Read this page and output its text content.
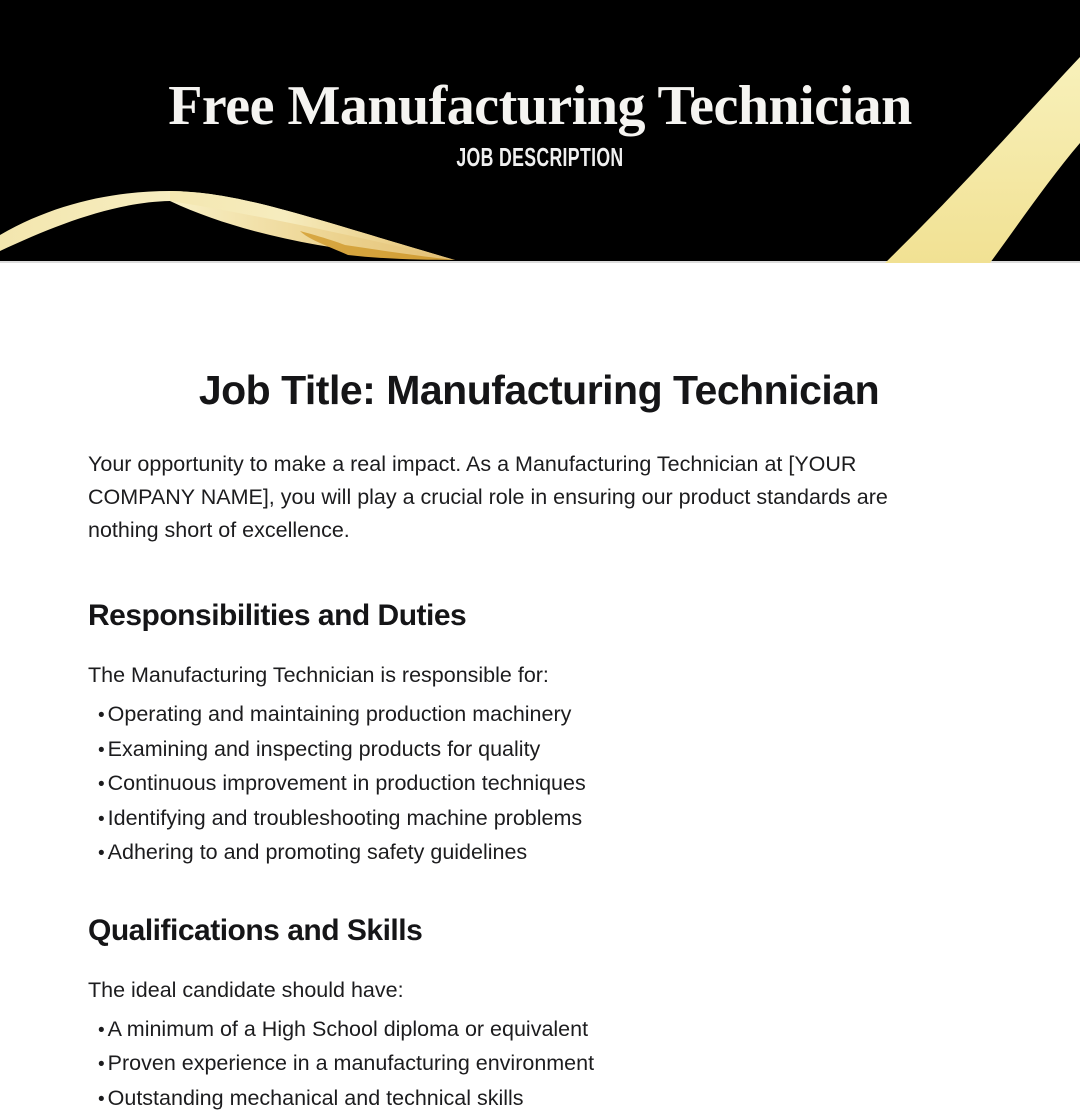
Free Manufacturing Technician
JOB DESCRIPTION
Job Title: Manufacturing Technician

Your opportunity to make a real impact. As a Manufacturing Technician at [YOUR COMPANY NAME], you will play a crucial role in ensuring our product standards are nothing short of excellence.

Responsibilities and Duties

The Manufacturing Technician is responsible for:

• Operating and maintaining production machinery
• Examining and inspecting products for quality
• Continuous improvement in production techniques
• Identifying and troubleshooting machine problems
• Adhering to and promoting safety guidelines
Qualifications and Skills

The ideal candidate should have:

• A minimum of a High School diploma or equivalent
• Proven experience in a manufacturing environment
• Outstanding mechanical and technical skills
